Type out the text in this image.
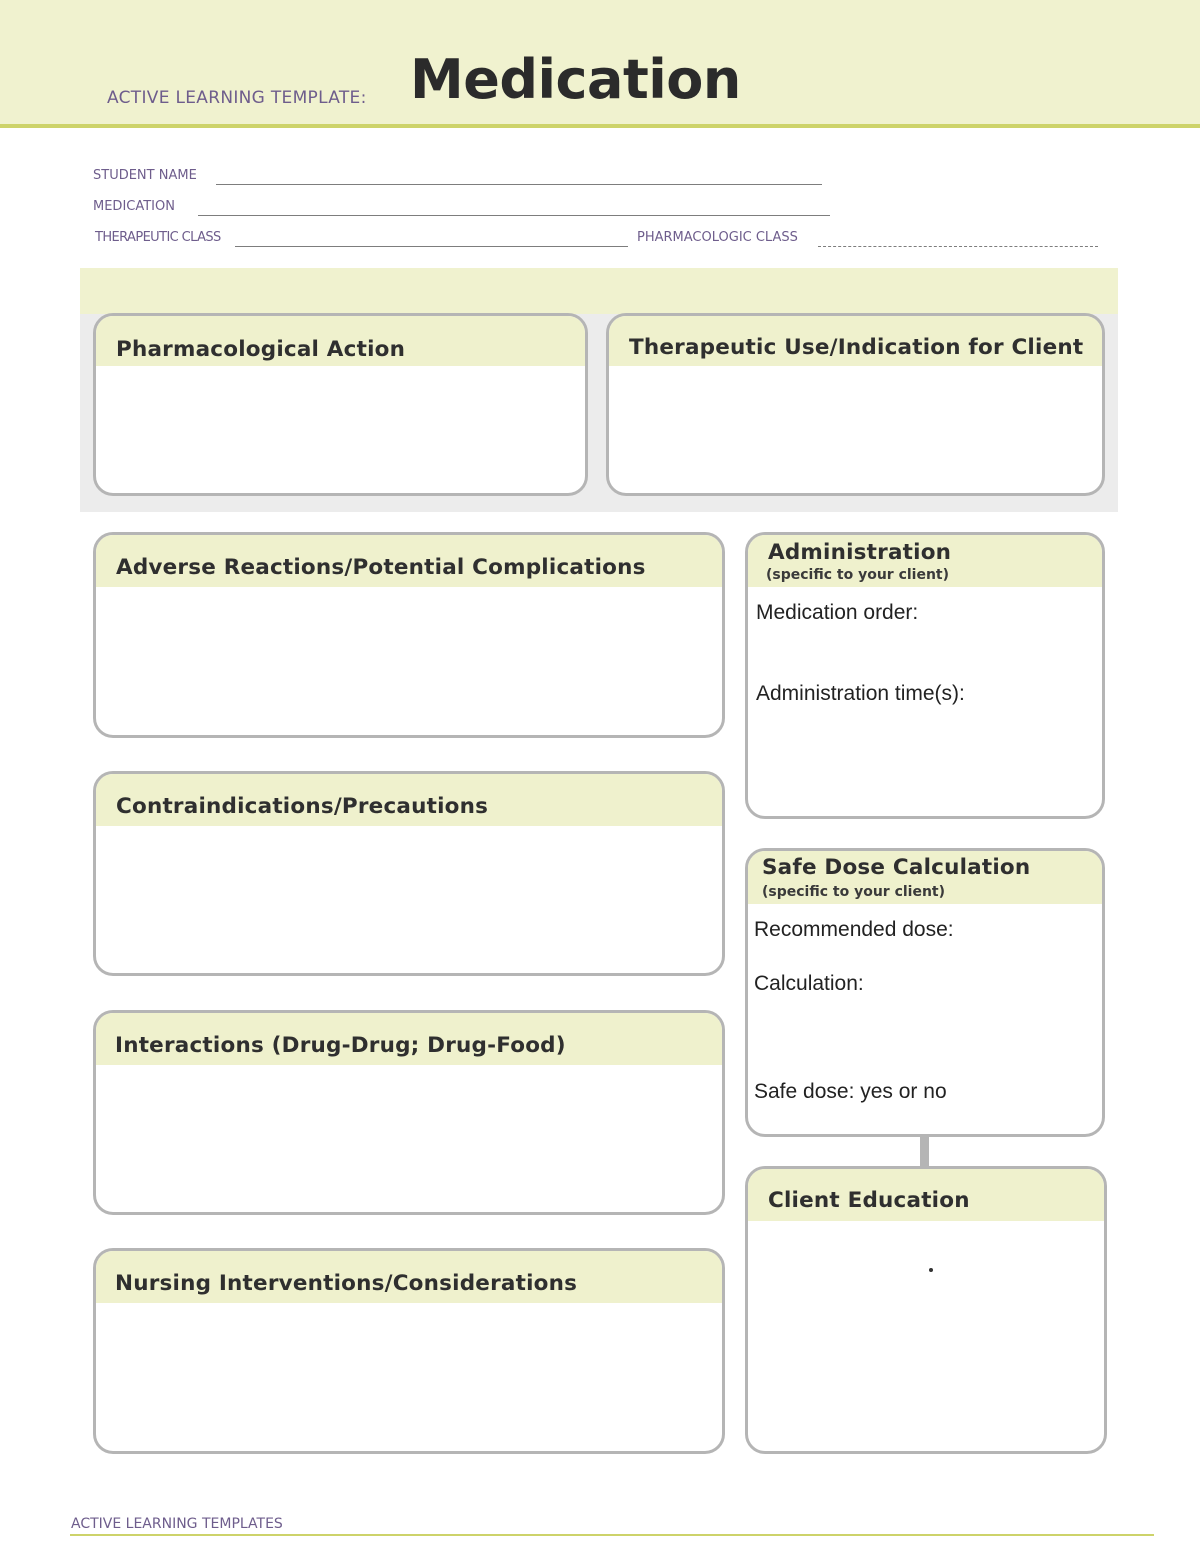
ACTIVE LEARNING TEMPLATE: Medication
STUDENT NAME
MEDICATION
THERAPEUTIC CLASS	PHARMACOLOGIC CLASS
Pharmacological Action	Therapeutic Use/Indication for Client
Adverse Reactions/Potential Complications
Contraindications/Precautions
Interactions (Drug-Drug; Drug-Food)
Nursing Interventions/Considerations
Administration
(specific to your client)
Medication order:
Administration time(s):
Safe Dose Calculation
(specific to your client)
Recommended dose:
Calculation:
Safe dose: yes or no
Client Education
ACTIVE LEARNING TEMPLATES
